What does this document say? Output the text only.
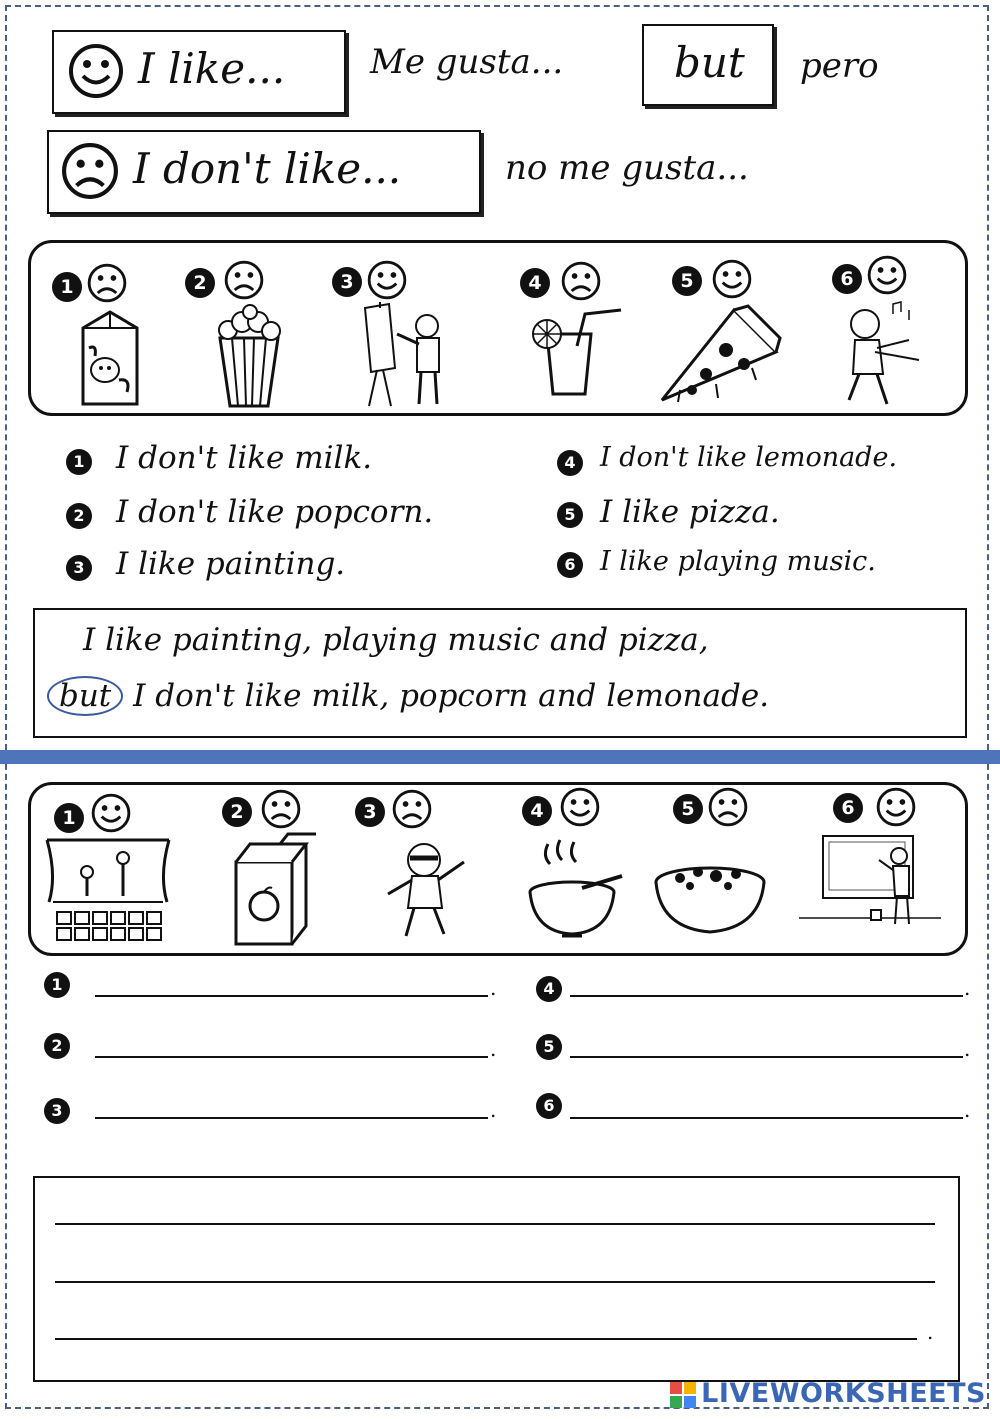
I like... Me gusta...	but pero
I don't like...	no me gusta...
1	2	3	4	5	6
1 I don't like milk.
2 I don't like popcorn.
3 I like painting.
4 I don't like lemonade.
5 I like pizza.
6 I like playing music.
I like painting, playing music and pizza,
but I don't like milk, popcorn and lemonade.
1	2	3	4	5	6
1	.
2	.
3	.
4	.
5	.
6	.
.
LIVEWORKSHEETS
